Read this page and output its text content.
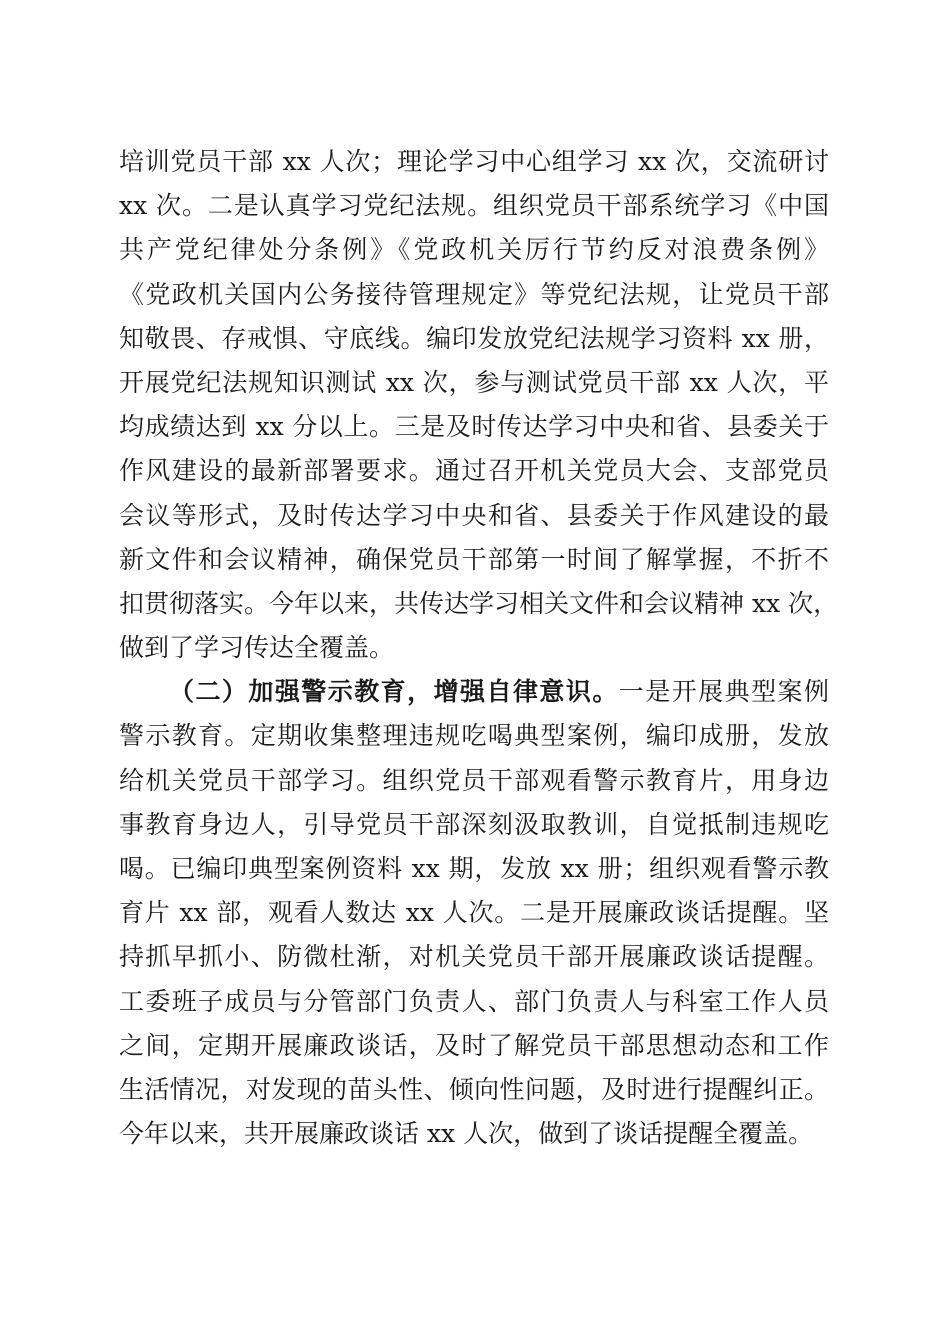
培训党员干部 xx 人次；理论学习中心组学习 xx 次，交流研讨
xx 次。二是认真学习党纪法规。组织党员干部系统学习《中国
共产党纪律处分条例》《党政机关厉行节约反对浪费条例》
《党政机关国内公务接待管理规定》等党纪法规，让党员干部
知敬畏、存戒惧、守底线。编印发放党纪法规学习资料 xx 册，
开展党纪法规知识测试 xx 次，参与测试党员干部 xx 人次，平
均成绩达到 xx 分以上。三是及时传达学习中央和省、县委关于
作风建设的最新部署要求。通过召开机关党员大会、支部党员
会议等形式，及时传达学习中央和省、县委关于作风建设的最
新文件和会议精神，确保党员干部第一时间了解掌握，不折不
扣贯彻落实。今年以来，共传达学习相关文件和会议精神 xx 次，
做到了学习传达全覆盖。
（二）加强警示教育，增强自律意识。一是开展典型案例
警示教育。定期收集整理违规吃喝典型案例，编印成册，发放
给机关党员干部学习。组织党员干部观看警示教育片，用身边
事教育身边人，引导党员干部深刻汲取教训，自觉抵制违规吃
喝。已编印典型案例资料 xx 期，发放 xx 册；组织观看警示教
育片 xx 部，观看人数达 xx 人次。二是开展廉政谈话提醒。坚
持抓早抓小、防微杜渐，对机关党员干部开展廉政谈话提醒。
工委班子成员与分管部门负责人、部门负责人与科室工作人员
之间，定期开展廉政谈话，及时了解党员干部思想动态和工作
生活情况，对发现的苗头性、倾向性问题，及时进行提醒纠正。
今年以来，共开展廉政谈话 xx 人次，做到了谈话提醒全覆盖。
